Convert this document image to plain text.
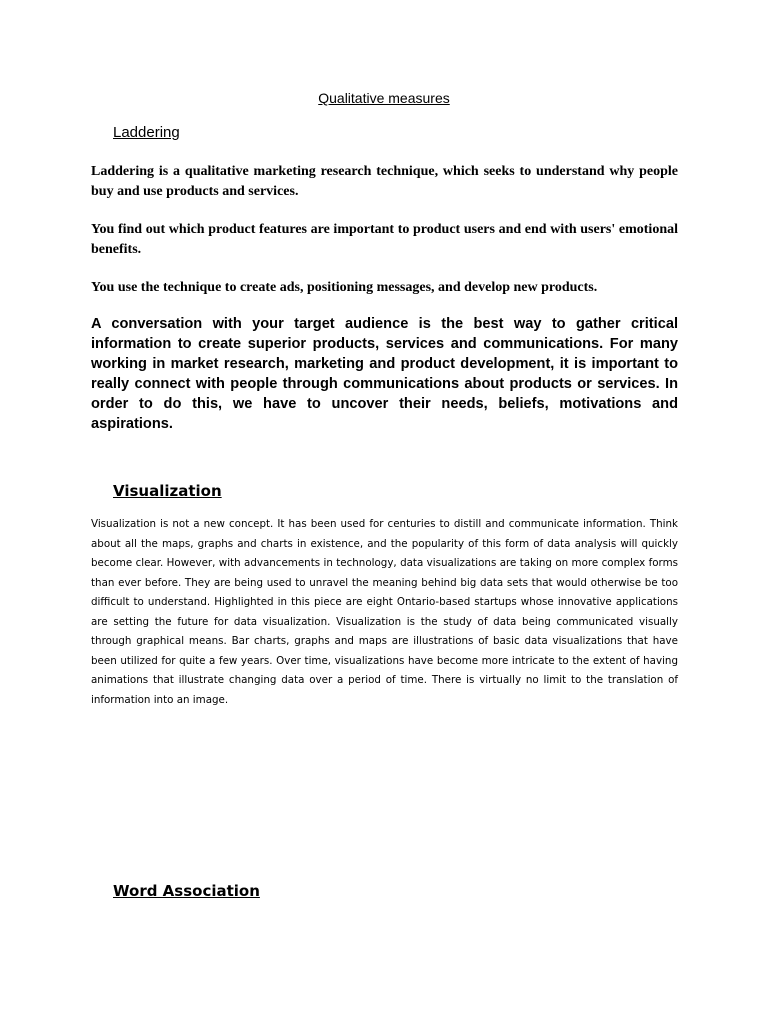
Qualitative measures
Laddering

Laddering is a qualitative marketing research technique, which seeks to understand why people buy and use products and services.

You find out which product features are important to product users and end with users' emotional benefits.

You use the technique to create ads, positioning messages, and develop new products.

A conversation with your target audience is the best way to gather critical information to create superior products, services and communications. For many working in market research, marketing and product development, it is important to really connect with people through communications about products or services. In order to do this, we have to uncover their needs, beliefs, motivations and aspirations.

Visualization

Visualization is not a new concept. It has been used for centuries to distill and communicate information. Think about all the maps, graphs and charts in existence, and the popularity of this form of data analysis will quickly become clear. However, with advancements in technology, data visualizations are taking on more complex forms than ever before. They are being used to unravel the meaning behind big data sets that would otherwise be too difficult to understand. Highlighted in this piece are eight Ontario-based startups whose innovative applications are setting the future for data visualization. Visualization is the study of data being communicated visually through graphical means. Bar charts, graphs and maps are illustrations of basic data visualizations that have been utilized for quite a few years. Over time, visualizations have become more intricate to the extent of having animations that illustrate changing data over a period of time. There is virtually no limit to the translation of information into an image.

Word Association
